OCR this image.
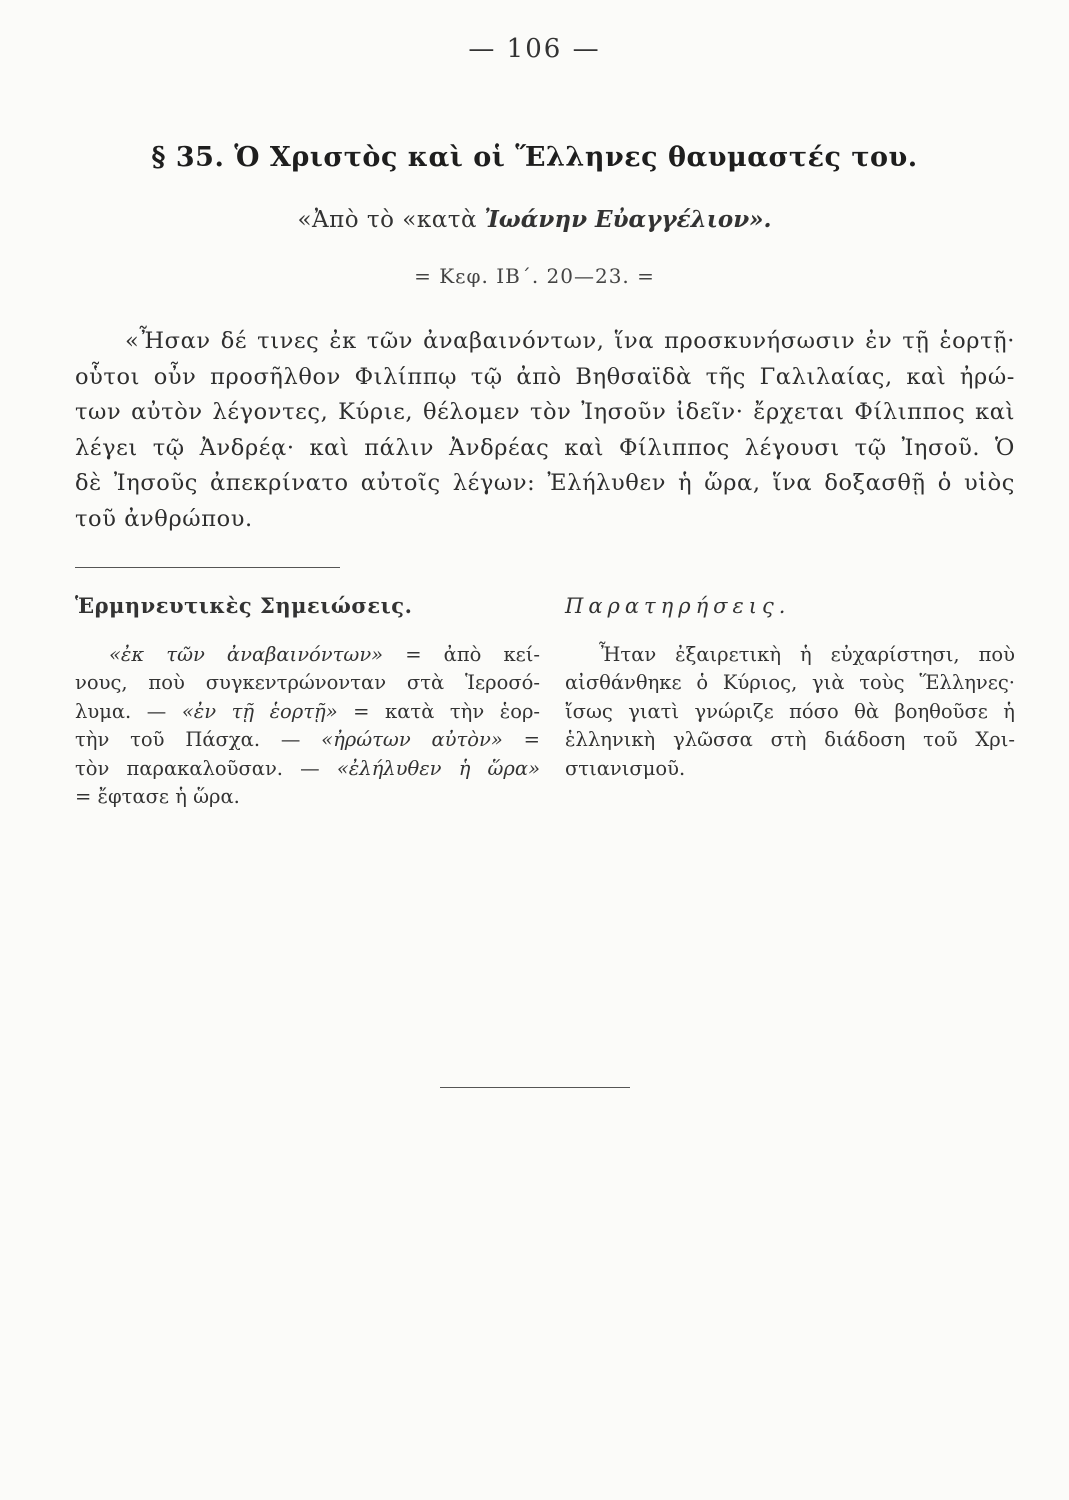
— 106 —
§ 35. Ὁ Χριστὸς καὶ οἱ Ἕλληνες θαυμαστές του.
«Ἀπὸ τὸ «κατὰ Ἰωάνην Εὐαγγέλιον».
= Κεφ. ΙΒ΄. 20—23. =
«Ἦσαν δέ τινες ἐκ τῶν ἀναβαινόντων, ἵνα προσκυνήσωσιν ἐν τῇ ἑορτῇ·
οὗτοι οὖν προσῆλθον Φιλίππῳ τῷ ἀπὸ Βηθσαϊδὰ τῆς Γαλιλαίας, καὶ ἠρώ-
των αὐτὸν λέγοντες, Κύριε, θέλομεν τὸν Ἰησοῦν ἰδεῖν· ἔρχεται Φίλιππος καὶ
λέγει τῷ Ἀνδρέᾳ· καὶ πάλιν Ἀνδρέας καὶ Φίλιππος λέγουσι τῷ Ἰησοῦ. Ὁ
δὲ Ἰησοῦς ἀπεκρίνατο αὐτοῖς λέγων: Ἐλήλυθεν ἡ ὥρα, ἵνα δοξασθῇ ὁ υἱὸς
τοῦ ἀνθρώπου.
Ἑρμηνευτικὲς Σημειώσεις.
«ἐκ τῶν ἀναβαινόντων» = ἀπὸ κεί-
νους, ποὺ συγκεντρώνονταν στὰ Ἱεροσό-
λυμα. — «ἐν τῇ ἑορτῇ» = κατὰ τὴν ἑορ-
τὴν τοῦ Πάσχα. — «ἠρώτων αὐτὸν» =
τὸν παρακαλοῦσαν. — «ἐλήλυθεν ἡ ὥρα»
= ἔφτασε ἡ ὥρα.
Παρατηρήσεις.
Ἦταν ἐξαιρετικὴ ἡ εὐχαρίστησι, ποὺ
αἰσθάνθηκε ὁ Κύριος, γιὰ τοὺς Ἕλληνες·
ἴσως γιατὶ γνώριζε πόσο θὰ βοηθοῦσε ἡ
ἑλληνικὴ γλῶσσα στὴ διάδοση τοῦ Χρι-
στιανισμοῦ.
